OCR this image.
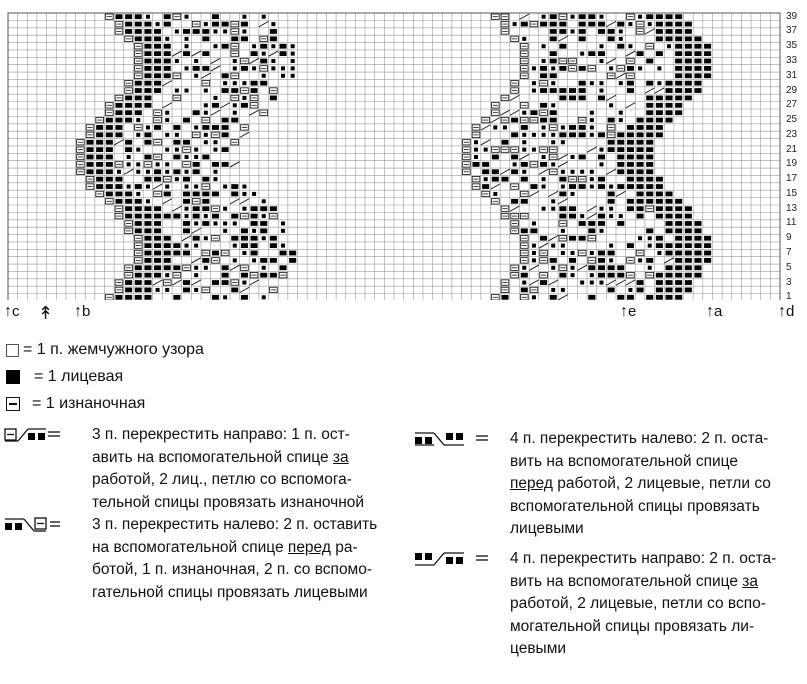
39
37
35
33
31
29
27
25
23
21
19
17
15
13
11
9
7
5
3
1
↑c ↟ ↑b	↑e	↑a	↑d
= 1 п. жемчужного узора
= 1 лицевая
= 1 изнаночная
3 п. перекрестить направо: 1 п. ост-
авить на вспомогательной спице за
работой, 2 лиц., петлю со вспомога-
тельной спицы провязать изнаночной
3 п. перекрестить налево: 2 п. оставить
на вспомогательной спице перед ра-
ботой, 1 п. изнаночная, 2 п. со вспомо-
гательной спицы провязать лицевыми
4 п. перекрестить налево: 2 п. оста-
вить на вспомогательной спице
перед работой, 2 лицевые, петли со
вспомогательной спицы провязать
лицевыми
4 п. перекрестить направо: 2 п. оста-
вить на вспомогательной спице за
работой, 2 лицевые, петли со вспо-
могательной спицы провязать ли-
цевыми
